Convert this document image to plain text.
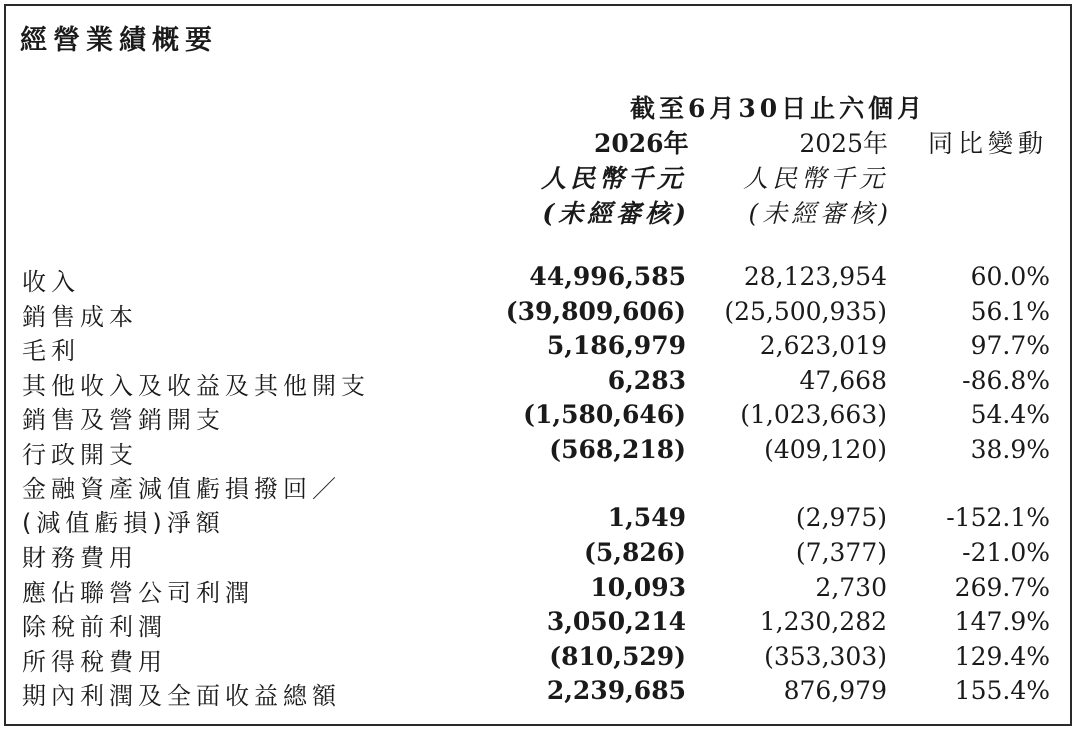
經營業績概要
截至6月30日止六個月
2026年	2025年 同比變動
人民幣千元	人民幣千元
(未經審核)	(未經審核)
收入	44,996,585 28,123,954	60.0%
銷售成本	(39,809,606) (25,500,935)	56.1%
毛利	5,186,979	2,623,019	97.7%
其他收入及收益及其他開支	6,283	47,668	-86.8%
銷售及營銷開支	(1,580,646) (1,023,663)	54.4%
行政開支	(568,218)	(409,120)	38.9%
金融資產減值虧損撥回／
(減值虧損)淨額	1,549	(2,975) -152.1%
財務費用	(5,826)	(7,377)	-21.0%
應佔聯營公司利潤	10,093	2,730	269.7%
除稅前利潤	3,050,214	1,230,282	147.9%
所得稅費用	(810,529)	(353,303)	129.4%
期內利潤及全面收益總額	2,239,685	876,979	155.4%
